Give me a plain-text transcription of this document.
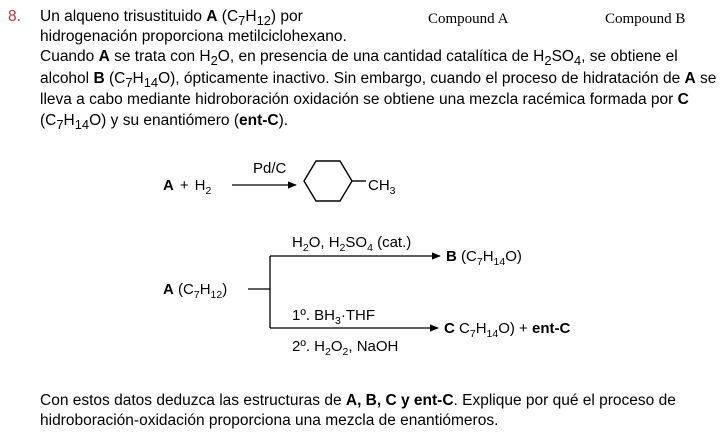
8.	Compound A	Compound B
Un alqueno trisustituido A $(C_7H_{12})$ por
hidrogenación proporciona metilciclohexano.
Cuando A se trata con $H_2O$, en presencia de una cantidad catalítica de $H_2SO_4$, se obtiene el
alcohol B $(C_7H_{14}O)$, ópticamente inactivo. Sin embargo, cuando el proceso de hidratación de A se
lleva a cabo mediante hidroboración oxidación se obtiene una mezcla racémica formada por C
$(C_7H_{14}O)$ y su enantiómero (ent-C).
$A + H_2$
Pd/C
$CH_3$
A $(C_7H_{12})$
$H_2O$, $H_2SO_4$ (cat.)
B $(C_7H_{14}O)$
1º. $BH_3\cdot THF$
2º. $H_2O_2$, NaOH
C $C_7H_{14}O) + ent-C$
Con estos datos deduzca las estructuras de A, B, C y ent-C. Explique por qué el proceso de
hidroboración-oxidación proporciona una mezcla de enantiómeros.
